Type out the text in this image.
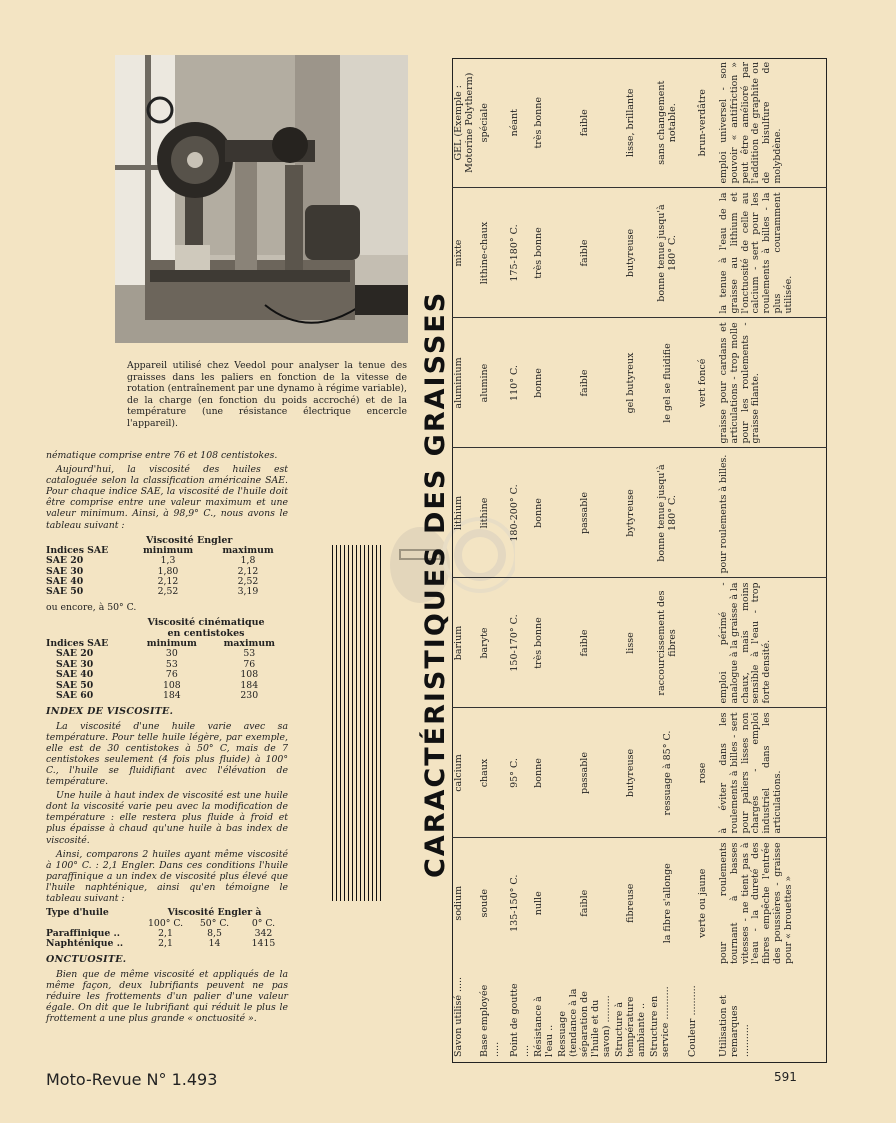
Appareil utilisé chez Veedol pour analyser la tenue des graisses dans les paliers en fonction de la vitesse de rotation (entraînement par une dynamo à régime variable), de la charge (en fonction du poids accroché) et de la température (une résistance électrique encercle l'appareil).

nématique comprise entre 76 et 108 centistokes.

Aujourd'hui, la viscosité des huiles est cataloguée selon la classification américaine SAE. Pour chaque indice SAE, la viscosité de l'huile doit être comprise entre une valeur maximum et une valeur minimum. Ainsi, à 98,9° C., nous avons le tableau suivant :

Viscosité Engler
Indices SAE	minimum	maximum
SAE 20	1,3	1,8
SAE 30	1,80	2,12
SAE 40	2,12	2,52
SAE 50	2,52	3,19

ou encore, à 50° C.

Viscosité cinématique
en centistokes
Indices SAE	minimum	maximum
SAE 20	30	53
SAE 30	53	76
SAE 40	76	108
SAE 50	108	184
SAE 60	184	230
INDEX DE VISCOSITE.

La viscosité d'une huile varie avec sa température. Pour telle huile légère, par exemple, elle est de 30 centistokes à 50° C, mais de 7 centistokes seulement (4 fois plus fluide) à 100° C., l'huile se fluidifiant avec l'élévation de température.

Une huile à haut index de viscosité est une huile dont la viscosité varie peu avec la modification de température : elle restera plus fluide à froid et plus épaisse à chaud qu'une huile à bas index de viscosité.

Ainsi, comparons 2 huiles ayant même viscosité à 100° C. : 2,1 Engler. Dans ces conditions l'huile paraffinique a un index de viscosité plus élevé que l'huile naphténique, ainsi qu'en témoigne le tableau suivant :

Type d'huile	Viscosité Engler à		
	100° C.	50° C.	0° C.
Paraffinique ..	2,1	8,5	342
Naphténique ..	2,1	14	1415
ONCTUOSITE.

Bien que de même viscosité et appliqués de la même façon, deux lubrifiants peuvent ne pas réduire les frottements d'un palier d'une valeur égale. On dit que le lubrifiant qui réduit le plus le frottement a une plus grande « onctuosité ».

CARACTÉRISTIQUES DES GRAISSES
Savon utilisé .....	sodium	calcium	barium	lithium	aluminium	mixte	GEL (Exemple : Motorine Polytherm)
Base employée .....	soude	chaux	baryte	lithine	alumine	lithine-chaux	spéciale
Point de goutte ....	135-150° C.	95° C.	150-170° C.	180-200° C.	110° C.	175-180° C.	néant
Résistance à l'eau ..	nulle	bonne	très bonne	bonne	bonne	très bonne	très bonne
Ressuage (tendance à la séparation de l'huile et du savon) .........	faible	passable	faible	passable	faible	faible	faible
Structure à température ambiante ..	fibreuse	butyreuse	lisse	bytyreuse	gel butyreux	butyreuse	lisse, brillante
Structure en service ...........	la fibre s'allonge	ressuage à 85° C.	raccourcissement des fibres	bonne tenue jusqu'à 180° C.	le gel se fluidifie	bonne tenue jusqu'à 180° C.	sans changement notable.
Couleur ..........	verte ou jaune	rose			vert foncé		brun-verdâtre
Utilisation et remarques ...........	pour roulements tournant à basses vitesses - ne tient pas à l'eau - la dureté des fibres empêche l'entrée des poussières - graisse pour « brouettes »	à éviter dans les roulements à billes - sert pour paliers lisses non chargés - emploi industriel dans les articulations.	emploi périmé - analogue à la graisse à la chaux, mais moins sensible à l'eau - trop forte densité.	pour roulements à billes.	graisse pour cardans et articulations - trop molle pour les roulements - graisse filante.	la tenue à l'eau de la graisse au lithium et l'onctuosité de celle au calcium - sert pour les roulements à billes - la plus couramment utilisée.	emploi universel - son pouvoir « antifriction » peut être amélioré par l'addition de graphite ou de bisulfure de molybdène.
Moto-Revue N° 1.493	591
